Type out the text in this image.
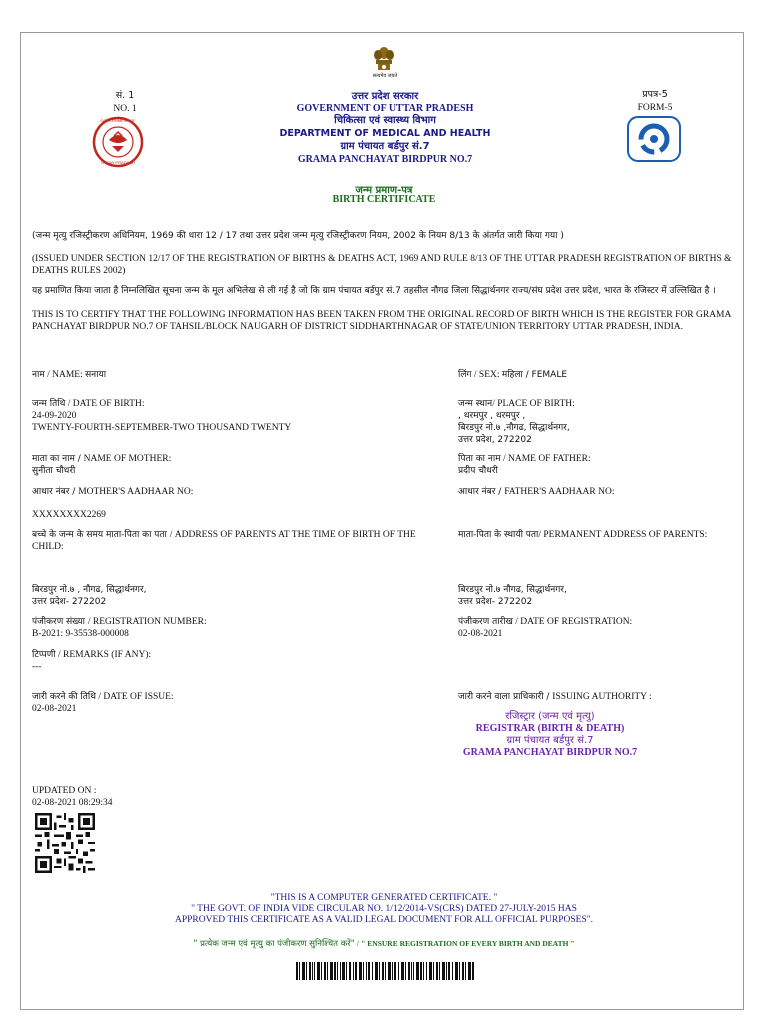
सं. 1
NO. 1
GOVERNMENT OF
UTTAR PRADESH
सत्यमेव जयते
उत्तर प्रदेश सरकार
GOVERNMENT OF UTTAR PRADESH
चिकित्सा एवं स्वास्थ्य विभाग
DEPARTMENT OF MEDICAL AND HEALTH
ग्राम पंचायत बर्डपुर सं.7
GRAMA PANCHAYAT BIRDPUR NO.7
प्रपत्र-5
FORM-5
जन्म प्रमाण-पत्र
BIRTH CERTIFICATE
(जन्म मृत्यु रजिस्ट्रीकरण अधिनियम, 1969 की धारा 12 / 17 तथा उत्तर प्रदेश जन्म मृत्यु रजिस्ट्रीकरण नियम, 2002 के नियम 8/13 के अंतर्गत जारी किया गया )
(ISSUED UNDER SECTION 12/17 OF THE REGISTRATION OF BIRTHS & DEATHS ACT, 1969 AND RULE 8/13 OF THE UTTAR PRADESH REGISTRATION OF BIRTHS & DEATHS RULES 2002)
यह प्रमाणित किया जाता है निम्नलिखित सूचना जन्म के मूल अभिलेख से ली गई है जो कि ग्राम पंचायत बर्डपुर सं.7 तहसील नौगढ जिला सिद्धार्थनगर राज्य/संघ प्रदेश उत्तर प्रदेश, भारत के रजिस्टर में उल्लिखित है ।
THIS IS TO CERTIFY THAT THE FOLLOWING INFORMATION HAS BEEN TAKEN FROM THE ORIGINAL RECORD OF BIRTH WHICH IS THE REGISTER FOR GRAMA PANCHAYAT BIRDPUR NO.7 OF TAHSIL/BLOCK NAUGARH OF DISTRICT SIDDHARTHNAGAR OF STATE/UNION TERRITORY UTTAR PRADESH, INDIA.
नाम / NAME: सनाया	लिंग / SEX: महिला / FEMALE
जन्म तिथि / DATE OF BIRTH:
24-09-2020
TWENTY-FOURTH-SEPTEMBER-TWO THOUSAND TWENTY
जन्म स्थान/ PLACE OF BIRTH:
, थरमपुर , थरमपुर ,
बिरडपुर नो.७ ,नौगढ, सिद्धार्थनगर,
उत्तर प्रदेश, 272202
माता का नाम / NAME OF MOTHER:
सुनीता चौधरी
पिता का नाम / NAME OF FATHER:
प्रदीप चौधरी
आधार नंबर / MOTHER'S AADHAAR NO:
XXXXXXXX2269
आधार नंबर / FATHER'S AADHAAR NO:
बच्चे के जन्म के समय माता-पिता का पता / ADDRESS OF PARENTS AT THE TIME OF BIRTH OF THE CHILD:
माता-पिता के स्थायी पता/ PERMANENT ADDRESS OF PARENTS:
बिरडपुर नो.७ , नौगढ, सिद्धार्थनगर,
उत्तर प्रदेश- 272202
बिरडपुर नो.७ नौगढ, सिद्धार्थनगर,
उत्तर प्रदेश- 272202
पंजीकरण संख्या / REGISTRATION NUMBER:
B-2021: 9-35538-000008
पंजीकरण तारीख / DATE OF REGISTRATION:
02-08-2021
टिप्पणी / REMARKS (IF ANY):
---
जारी करने की तिथि / DATE OF ISSUE:
02-08-2021
जारी करने वाला प्राधिकारी / ISSUING AUTHORITY :
रजिस्ट्रार (जन्म एवं मृत्यु)
REGISTRAR (BIRTH & DEATH)
ग्राम पंचायत बर्डपुर सं.7
GRAMA PANCHAYAT BIRDPUR NO.7
UPDATED ON :
02-08-2021 08:29:34
"THIS IS A COMPUTER GENERATED CERTIFICATE. "
" THE GOVT. OF INDIA VIDE CIRCULAR NO. 1/12/2014-VS(CRS) DATED 27-JULY-2015 HAS
APPROVED THIS CERTIFICATE AS A VALID LEGAL DOCUMENT FOR ALL OFFICIAL PURPOSES".
" प्रत्येक जन्म एवं मृत्यु का पंजीकरण सुनिश्चित करें" / " ENSURE REGISTRATION OF EVERY BIRTH AND DEATH "
